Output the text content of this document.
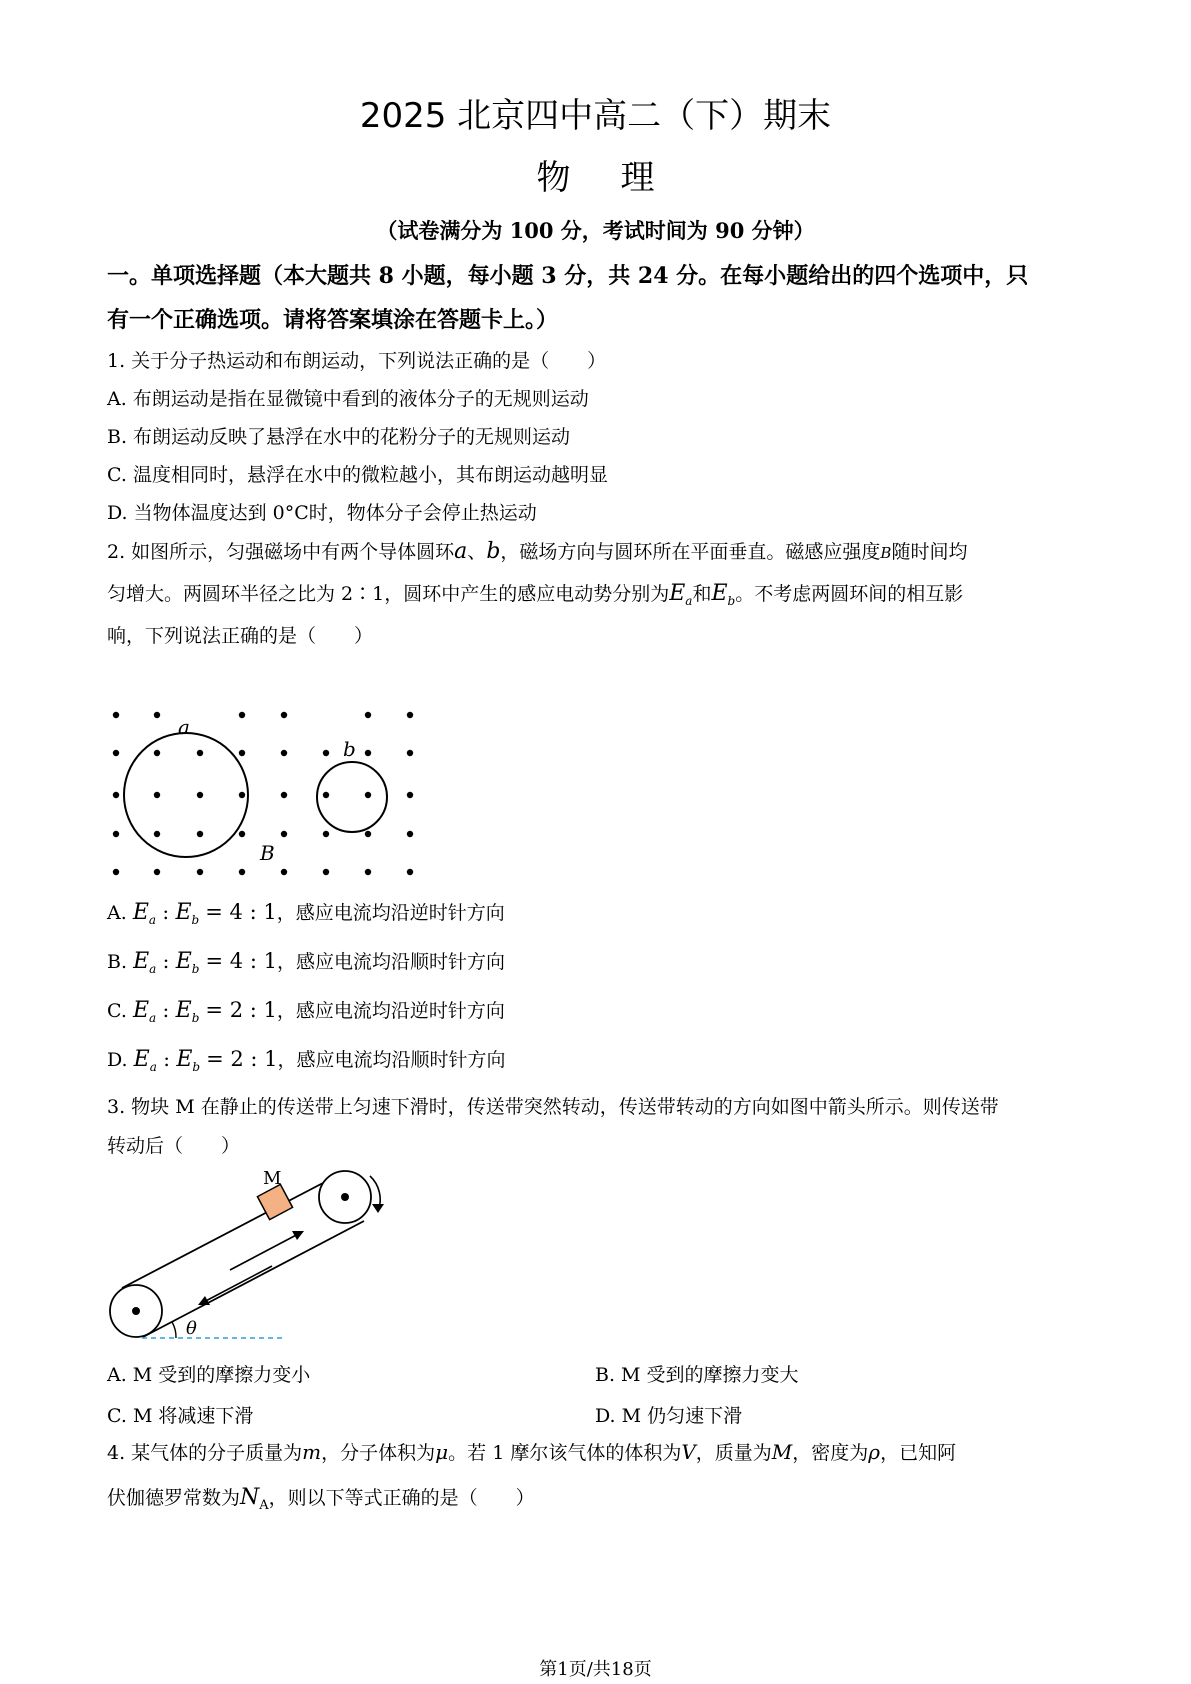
2025 北京四中高二（下）期末
物理
（试卷满分为 100 分，考试时间为 90 分钟）
一。单项选择题（本大题共 8 小题，每小题 3 分，共 24 分。在每小题给出的四个选项中，只
有一个正确选项。请将答案填涂在答题卡上。）
1. 关于分子热运动和布朗运动，下列说法正确的是（　　）
A. 布朗运动是指在显微镜中看到的液体分子的无规则运动
B. 布朗运动反映了悬浮在水中的花粉分子的无规则运动
C. 温度相同时，悬浮在水中的微粒越小，其布朗运动越明显
D. 当物体温度达到 0°C时，物体分子会停止热运动
2. 如图所示，匀强磁场中有两个导体圆环a、b，磁场方向与圆环所在平面垂直。磁感应强度B随时间均
匀增大。两圆环半径之比为 2∶1，圆环中产生的感应电动势分别为$E_a$和$E_b$。不考虑两圆环间的相互影
响，下列说法正确的是（　　）
a
b
B
A. $E_a$ : $E_b = 4$ : 1，感应电流均沿逆时针方向
B. $E_a$ : $E_b = 4$ : 1，感应电流均沿顺时针方向
C. $E_a$ : $E_b = 2$ : 1，感应电流均沿逆时针方向
D. $E_a$ : $E_b = 2$ : 1，感应电流均沿顺时针方向
3. 物块 M 在静止的传送带上匀速下滑时，传送带突然转动，传送带转动的方向如图中箭头所示。则传送带
转动后（　　）
M
θ
A. M 受到的摩擦力变小	B. M 受到的摩擦力变大
C. M 将减速下滑	D. M 仍匀速下滑
4. 某气体的分子质量为m，分子体积为μ。若 1 摩尔该气体的体积为V，质量为M，密度为ρ，已知阿
伏伽德罗常数为$N_A$，则以下等式正确的是（　　）
第1页/共18页
